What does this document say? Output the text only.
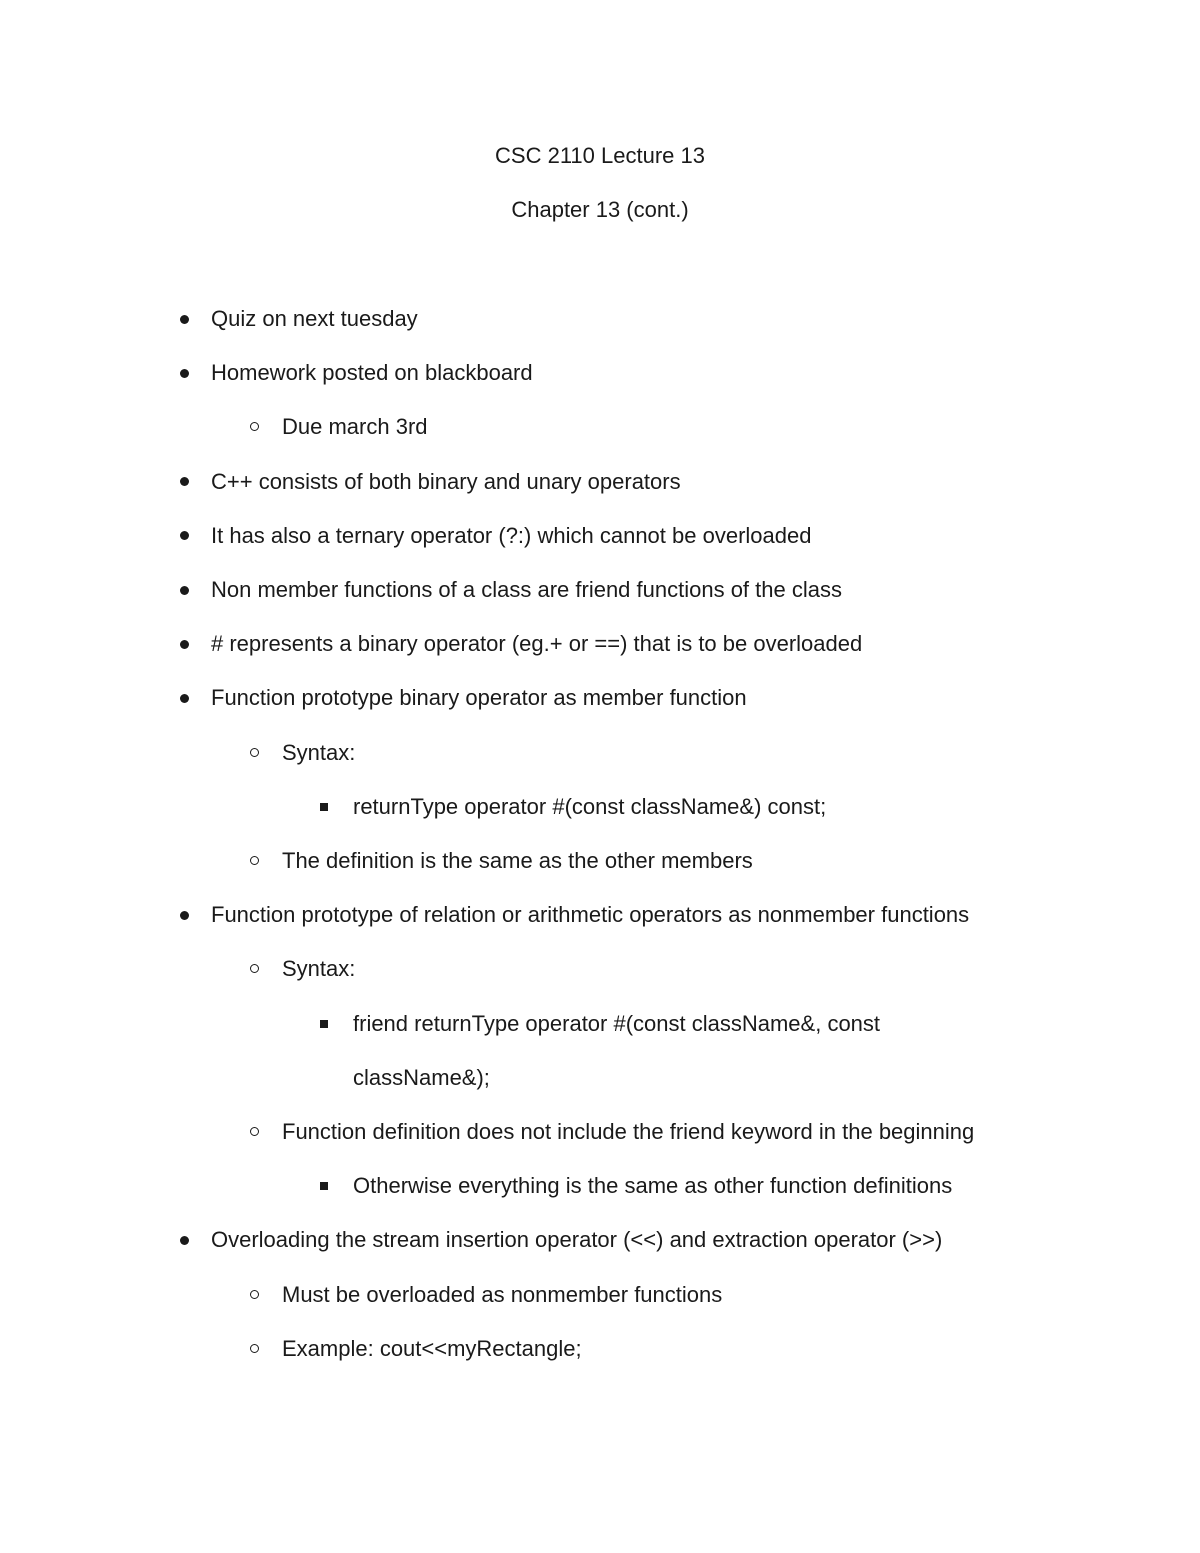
CSC 2110 Lecture 13
Chapter 13 (cont.)
Quiz on next tuesday
Homework posted on blackboard
Due march 3rd
C++ consists of both binary and unary operators
It has also a ternary operator (?:) which cannot be overloaded
Non member functions of a class are friend functions of the class
# represents a binary operator (eg.+ or ==) that is to be overloaded
Function prototype binary operator as member function
Syntax:
returnType operator #(const className&) const;
The definition is the same as the other members
Function prototype of relation or arithmetic operators as nonmember functions
Syntax:
friend returnType operator #(const className&, const
className&);
Function definition does not include the friend keyword in the beginning
Otherwise everything is the same as other function definitions
Overloading the stream insertion operator (<<) and extraction operator (>>)
Must be overloaded as nonmember functions
Example: cout<<myRectangle;
